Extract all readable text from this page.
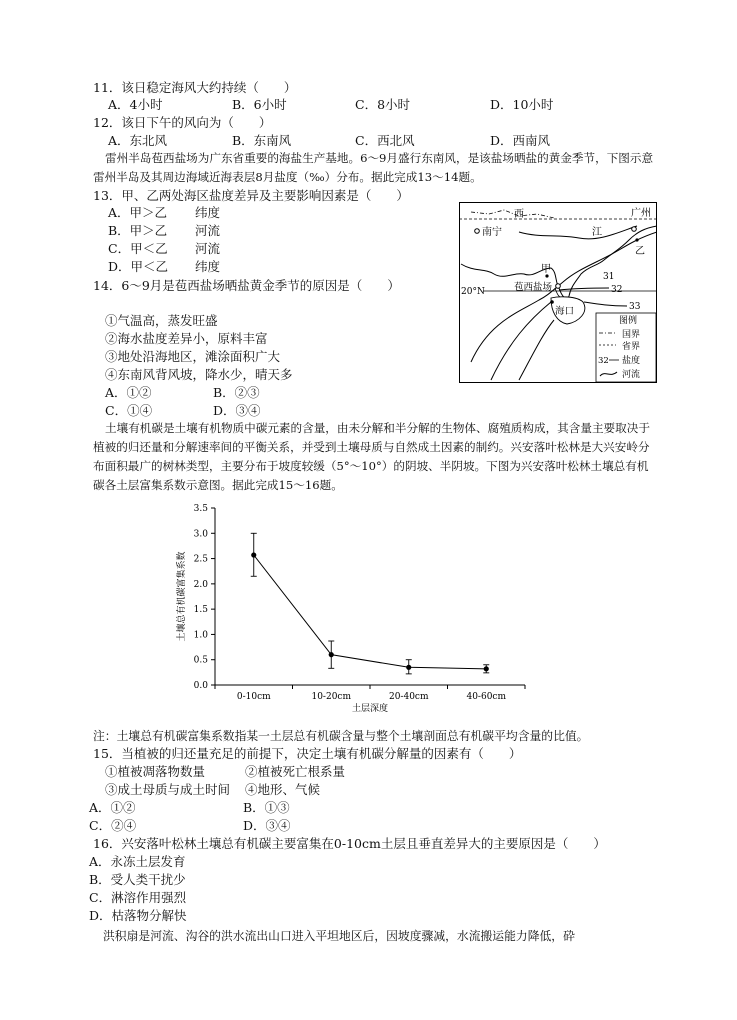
11．该日稳定海风大约持续（　　）
A．4小时	B．6小时	C．8小时	D．10小时
12．该日下午的风向为（　　）
A．东北风	B．东南风	C．西北风	D．西南风
雷州半岛苞西盐场为广东省重要的海盐生产基地。6～9月盛行东南风，是该盐场晒盐的黄金季节，下图示意雷州半岛及其周边海域近海表层8月盐度（‰）分布。据此完成13～14题。
13．甲、乙两处海区盐度差异及主要影响因素是（　　）
A．甲＞乙 纬度
B．甲＞乙 河流
C．甲＜乙 河流
D．甲＜乙 纬度
14．6～9月是苞西盐场晒盐黄金季节的原因是（　　）
①气温高，蒸发旺盛
②海水盐度差异小，原料丰富
③地处沿海地区，滩涂面积广大
④东南风背风坡，降水少，晴天多
A．①②	B．②③
C．①④	D．③④
西	广州
南宁	江
乙
甲
20°N	苞西盐场
海口
31
32
33
图例
国界
省界
32 盐度
河流
土壤有机碳是土壤有机物质中碳元素的含量，由未分解和半分解的生物体、腐殖质构成，其含量主要取决于植被的归还量和分解速率间的平衡关系，并受到土壤母质与自然成土因素的制约。兴安落叶松林是大兴安岭分布面积最广的树林类型，主要分布于坡度较缓（5°～10°）的阴坡、半阴坡。下图为兴安落叶松林土壤总有机碳各土层富集系数示意图。据此完成15～16题。
0.0
0.5
1.0
1.5
2.0
2.5
3.0
3.5
0-10cm	10-20cm	20-40cm	40-60cm
土层深度
土壤总有机碳富集系数
注：土壤总有机碳富集系数指某一土层总有机碳含量与整个土壤剖面总有机碳平均含量的比值。
15．当植被的归还量充足的前提下，决定土壤有机碳分解量的因素有（　　）
①植被凋落物数量	②植被死亡根系量
③成土母质与成土时间 ④地形、气候
A．①②	B．①③
C．②④	D．③④
16．兴安落叶松林土壤总有机碳主要富集在0-10cm土层且垂直差异大的主要原因是（　　）
A．永冻土层发育
B．受人类干扰少
C．淋溶作用强烈
D．枯落物分解快
洪积扇是河流、沟谷的洪水流出山口进入平坦地区后，因坡度骤减，水流搬运能力降低，砕
